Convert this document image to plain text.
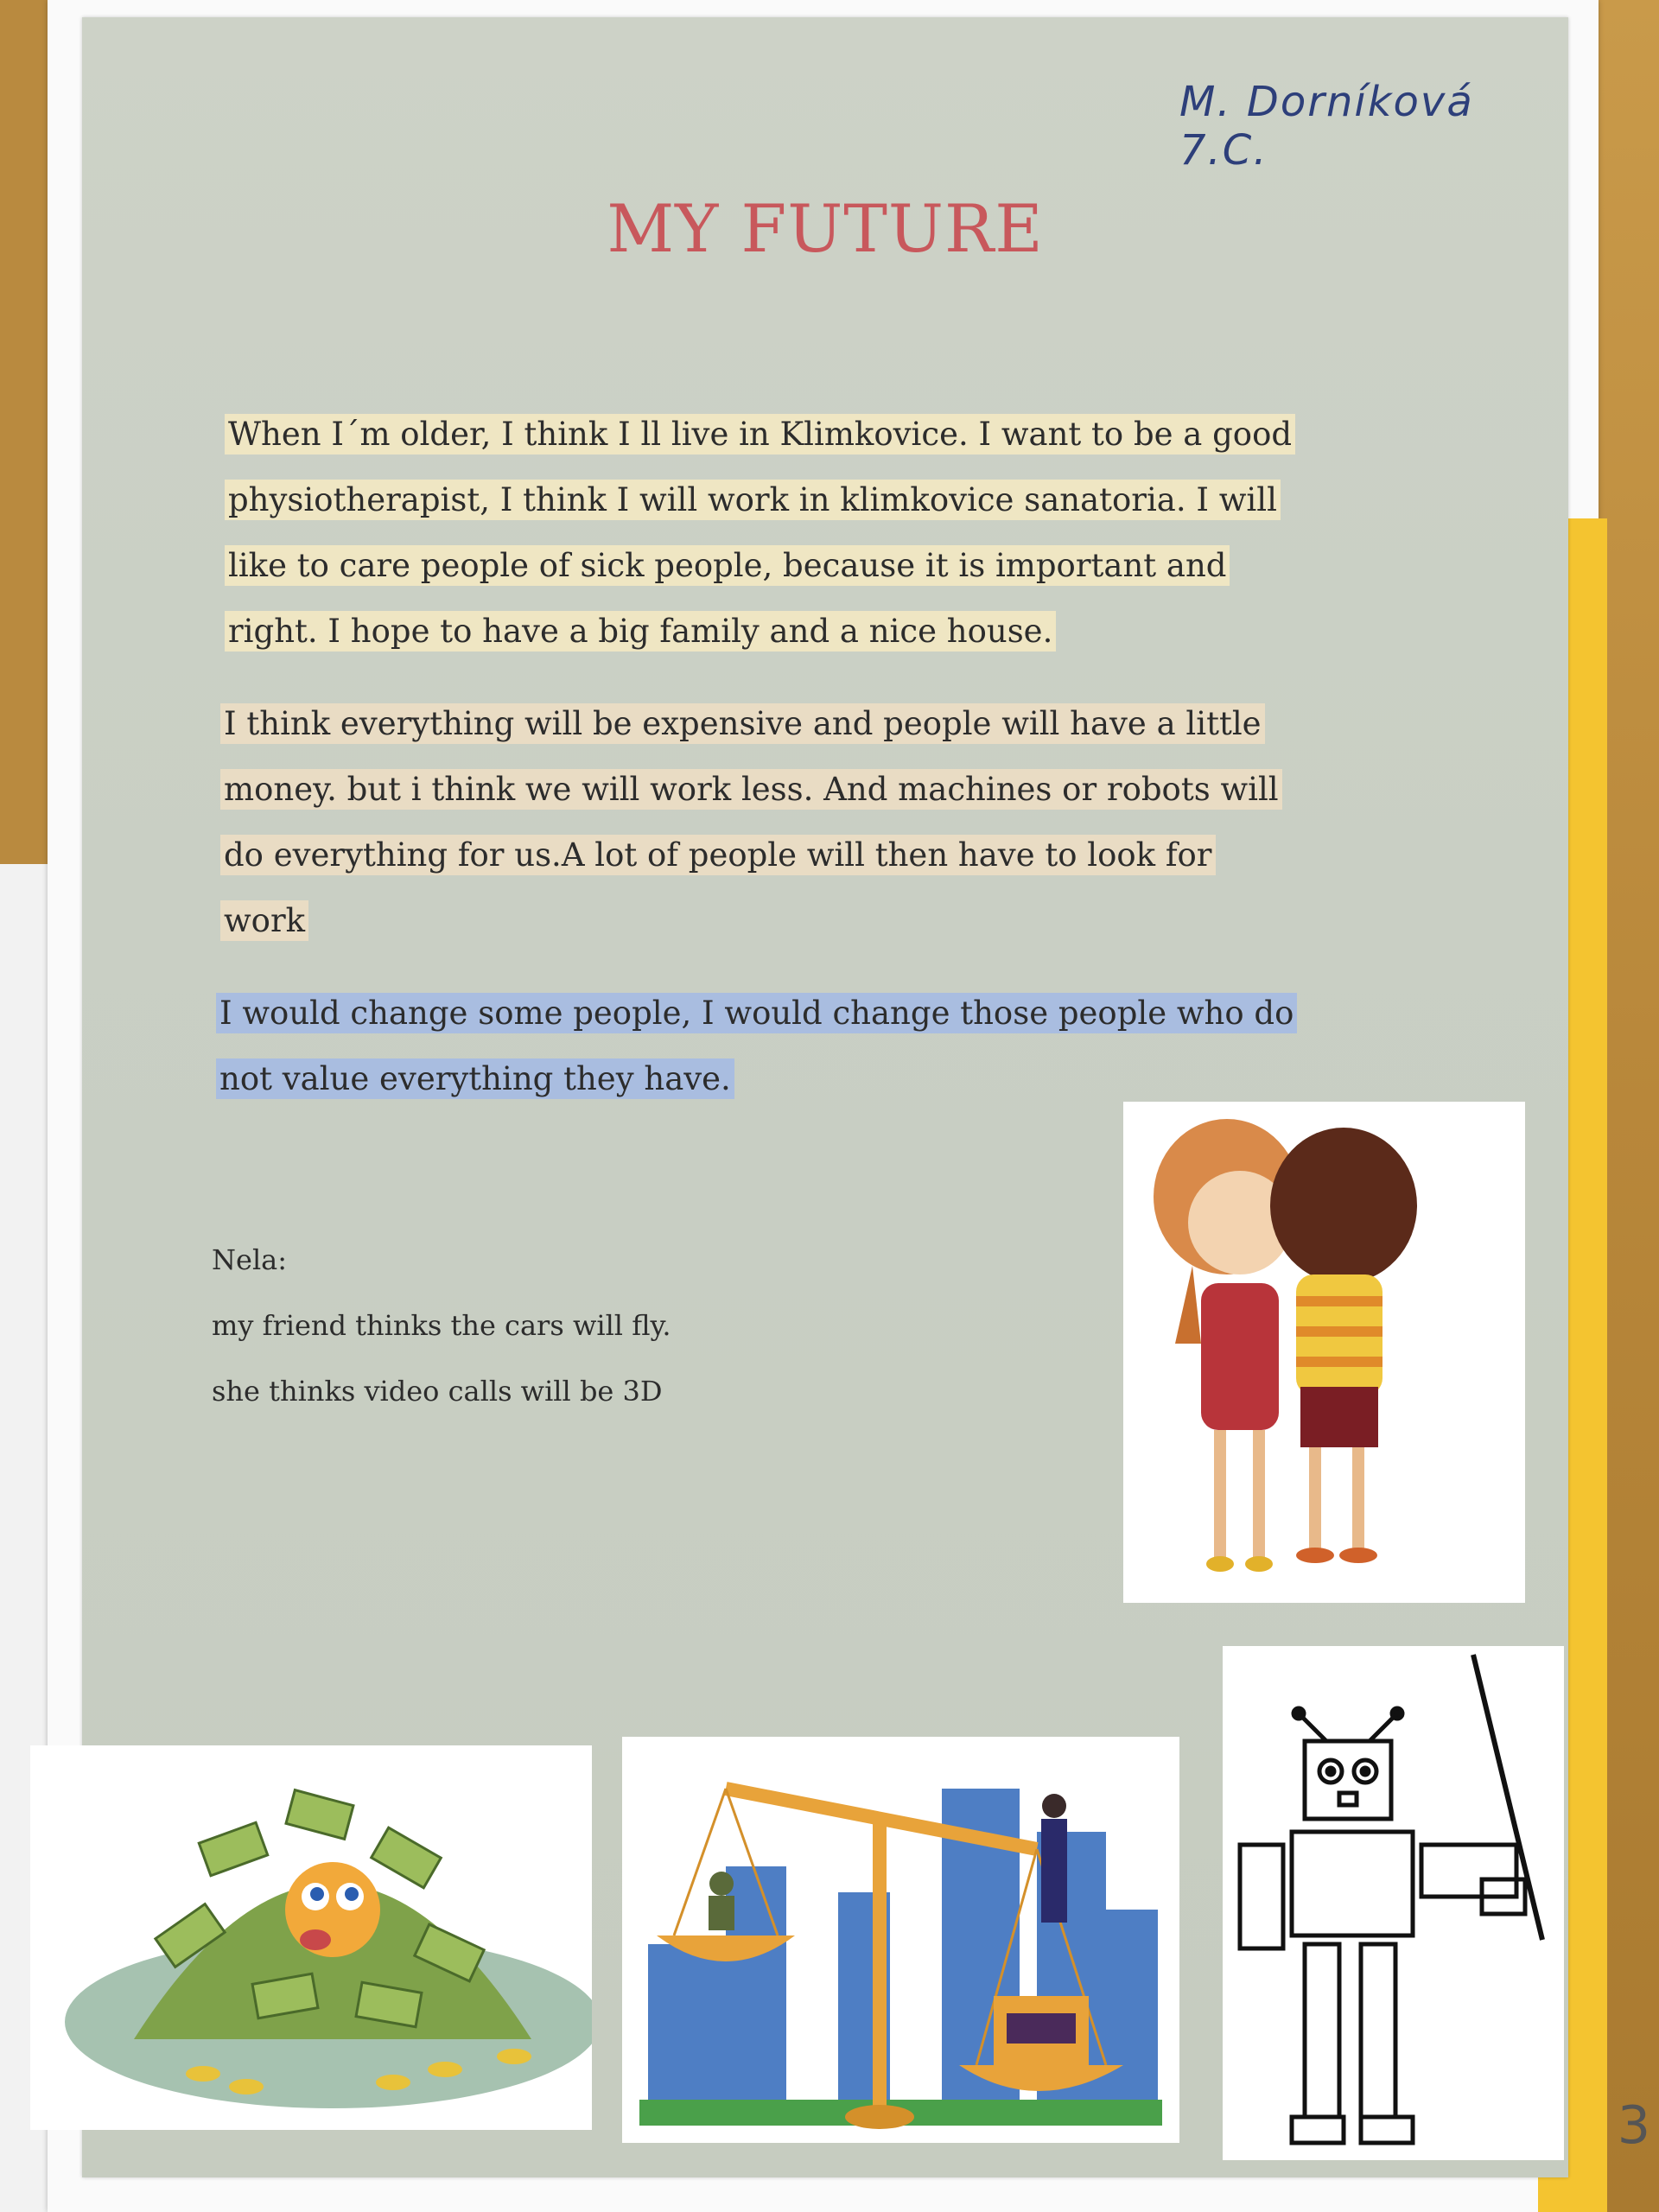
M. Dorníková 7.C.
MY FUTURE
When I´m older, I think I ll live in Klimkovice. I want to be a good
physiotherapist, I think I will work in klimkovice sanatoria. I will
like to care people of sick people, because it is important and
right. I hope to have a big family and a nice house.
I think everything will be expensive and people will have a little
money. but i think we will work less. And machines or robots will
do everything for us.A lot of people will then have to look for
work
I would change some people, I would change those people who do
not value everything they have.
Nela:
my friend thinks the cars will fly.
she thinks video calls will be 3D
3
